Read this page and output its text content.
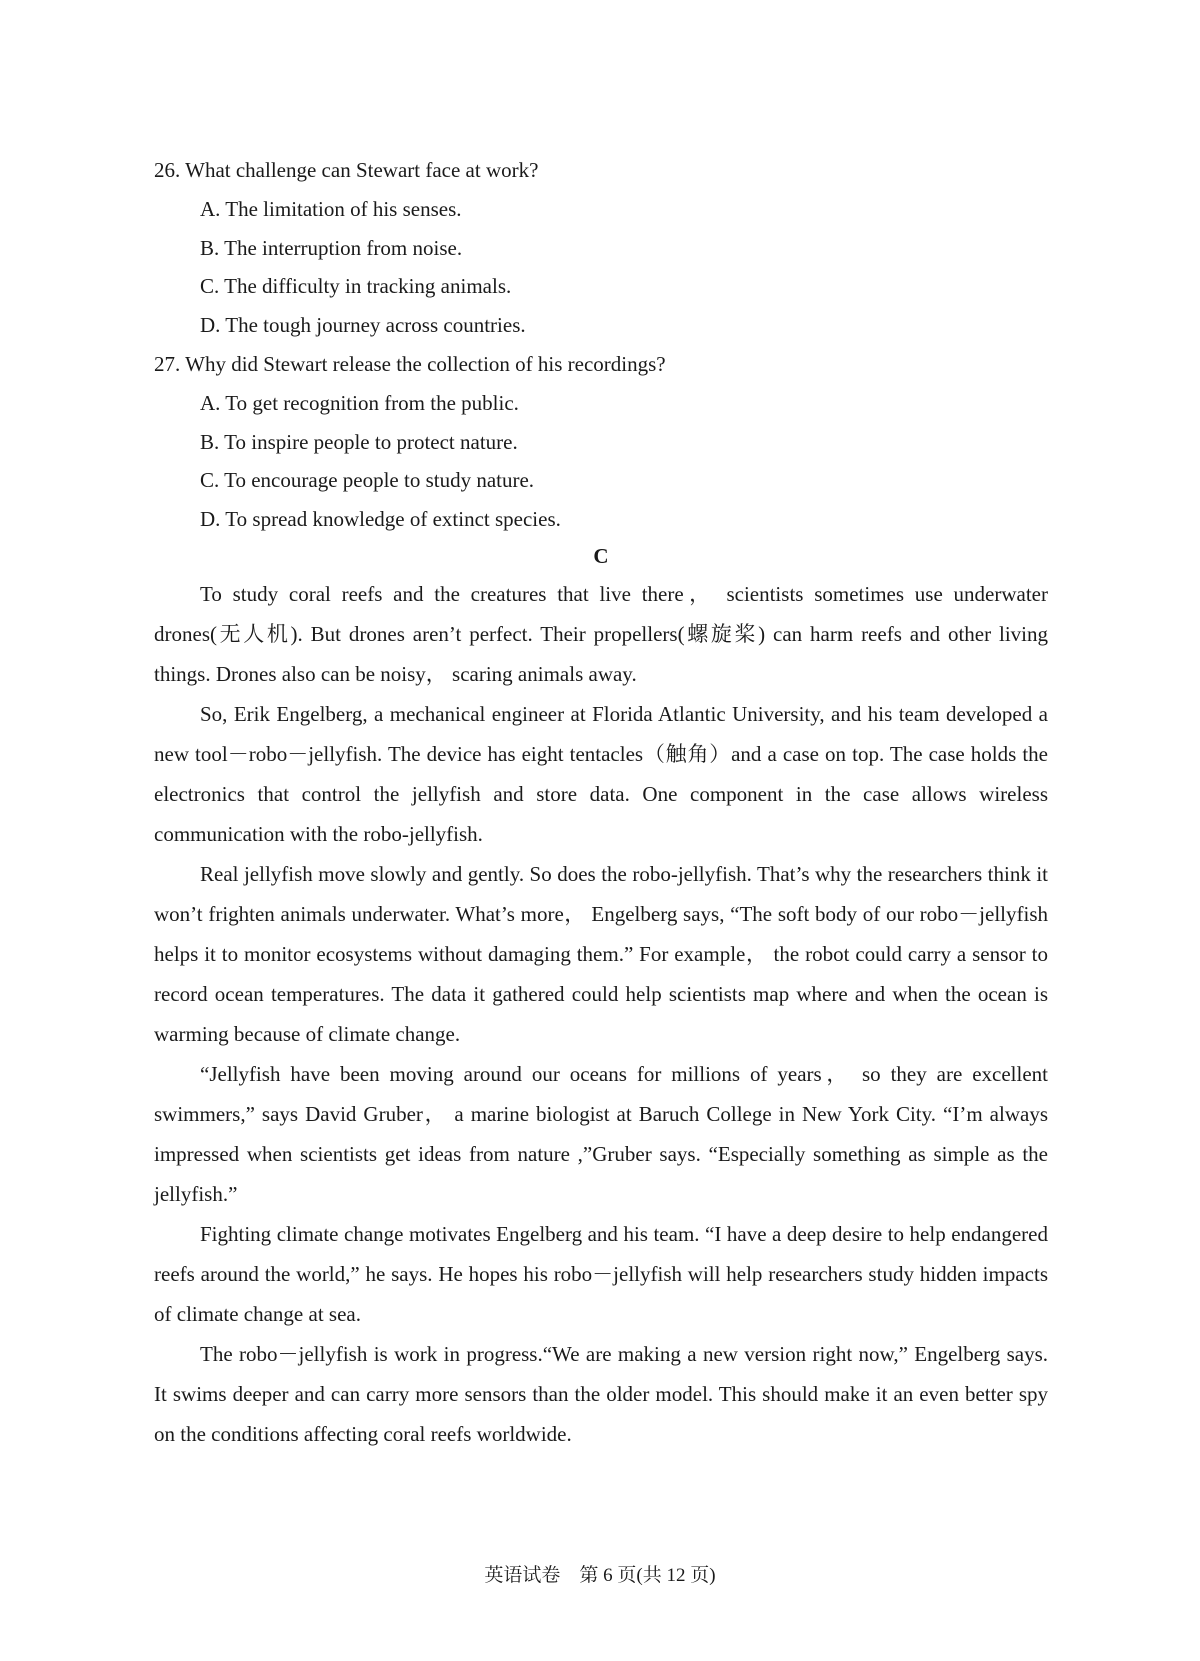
26. What challenge can Stewart face at work?

A. The limitation of his senses.

B. The interruption from noise.

C. The difficulty in tracking animals.

D. The tough journey across countries.

27. Why did Stewart release the collection of his recordings?

A. To get recognition from the public.

B. To inspire people to protect nature.

C. To encourage people to study nature.

D. To spread knowledge of extinct species.

C

To study coral reefs and the creatures that live there， scientists sometimes use underwater drones(无人机). But drones aren’t perfect. Their propellers(螺旋桨) can harm reefs and other living things. Drones also can be noisy， scaring animals away.

So, Erik Engelberg, a mechanical engineer at Florida Atlantic University, and his team developed a new tool－robo－jellyfish. The device has eight tentacles（触角）and a case on top. The case holds the electronics that control the jellyfish and store data. One component in the case allows wireless communication with the robo-jellyfish.

Real jellyfish move slowly and gently. So does the robo-jellyfish. That’s why the researchers think it won’t frighten animals underwater. What’s more， Engelberg says, “The soft body of our robo－jellyfish helps it to monitor ecosystems without damaging them.” For example， the robot could carry a sensor to record ocean temperatures. The data it gathered could help scientists map where and when the ocean is warming because of climate change.

“Jellyfish have been moving around our oceans for millions of years， so they are excellent swimmers,” says David Gruber， a marine biologist at Baruch College in New York City. “I’m always impressed when scientists get ideas from nature ,”Gruber says. “Especially something as simple as the jellyfish.”

Fighting climate change motivates Engelberg and his team. “I have a deep desire to help endangered reefs around the world,” he says. He hopes his robo－jellyfish will help researchers study hidden impacts of climate change at sea.

The robo－jellyfish is work in progress.“We are making a new version right now,” Engelberg says. It swims deeper and can carry more sensors than the older model. This should make it an even better spy on the conditions affecting coral reefs worldwide.

英语试卷　第 6 页(共 12 页)
